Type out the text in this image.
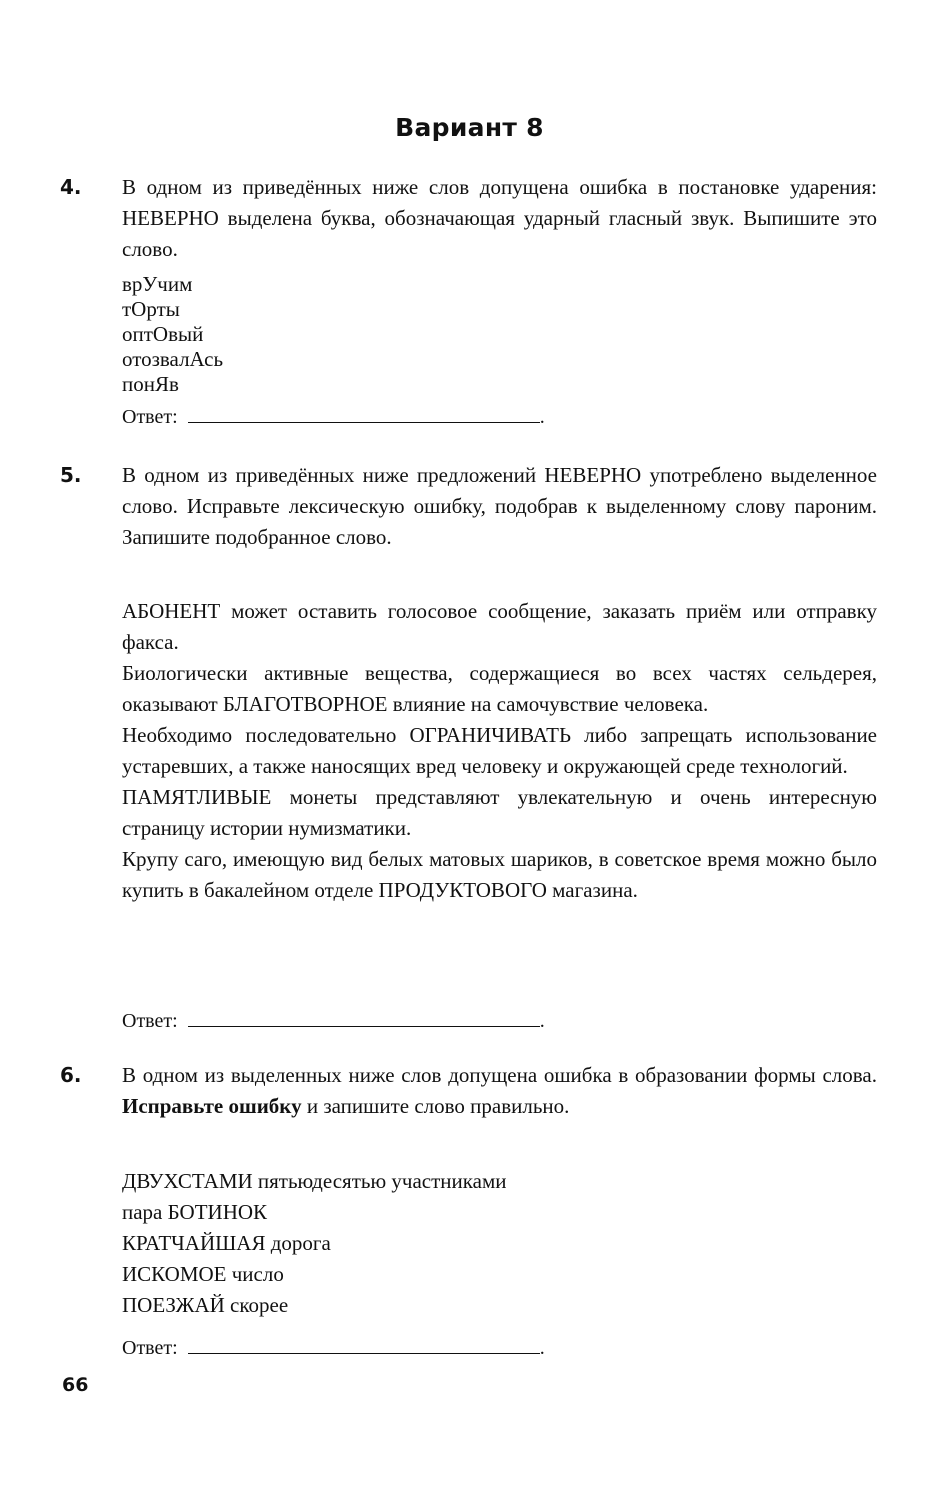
Вариант 8
4. В одном из приведённых ниже слов допущена ошибка в постановке ударения: НЕВЕРНО выделена буква, обозначающая ударный гласный звук. Выпишите это слово.

врУчим
тОрты
оптОвый
отозвалАсь
понЯв
Ответ:	.
5. В одном из приведённых ниже предложений НЕВЕРНО употреблено выделенное слово. Исправьте лексическую ошибку, подобрав к выделенному слову пароним. Запишите подобранное слово.

АБОНЕНТ может оставить голосовое сообщение, заказать приём или отправку факса.

Биологически активные вещества, содержащиеся во всех частях сельдерея, оказывают БЛАГОТВОРНОЕ влияние на самочувствие человека.

Необходимо последовательно ОГРАНИЧИВАТЬ либо запрещать использование устаревших, а также наносящих вред человеку и окружающей среде технологий.

ПАМЯТЛИВЫЕ монеты представляют увлекательную и очень интересную страницу истории нумизматики.

Крупу саго, имеющую вид белых матовых шариков, в советское время можно было купить в бакалейном отделе ПРОДУКТОВОГО магазина.

Ответ:	.
6. В одном из выделенных ниже слов допущена ошибка в образовании формы слова. Исправьте ошибку и запишите слово правильно.

ДВУХСТАМИ пятьюдесятью участниками
пара БОТИНОК
КРАТЧАЙШАЯ дорога
ИСКОМОЕ число
ПОЕЗЖАЙ скорее
Ответ:	.
66
